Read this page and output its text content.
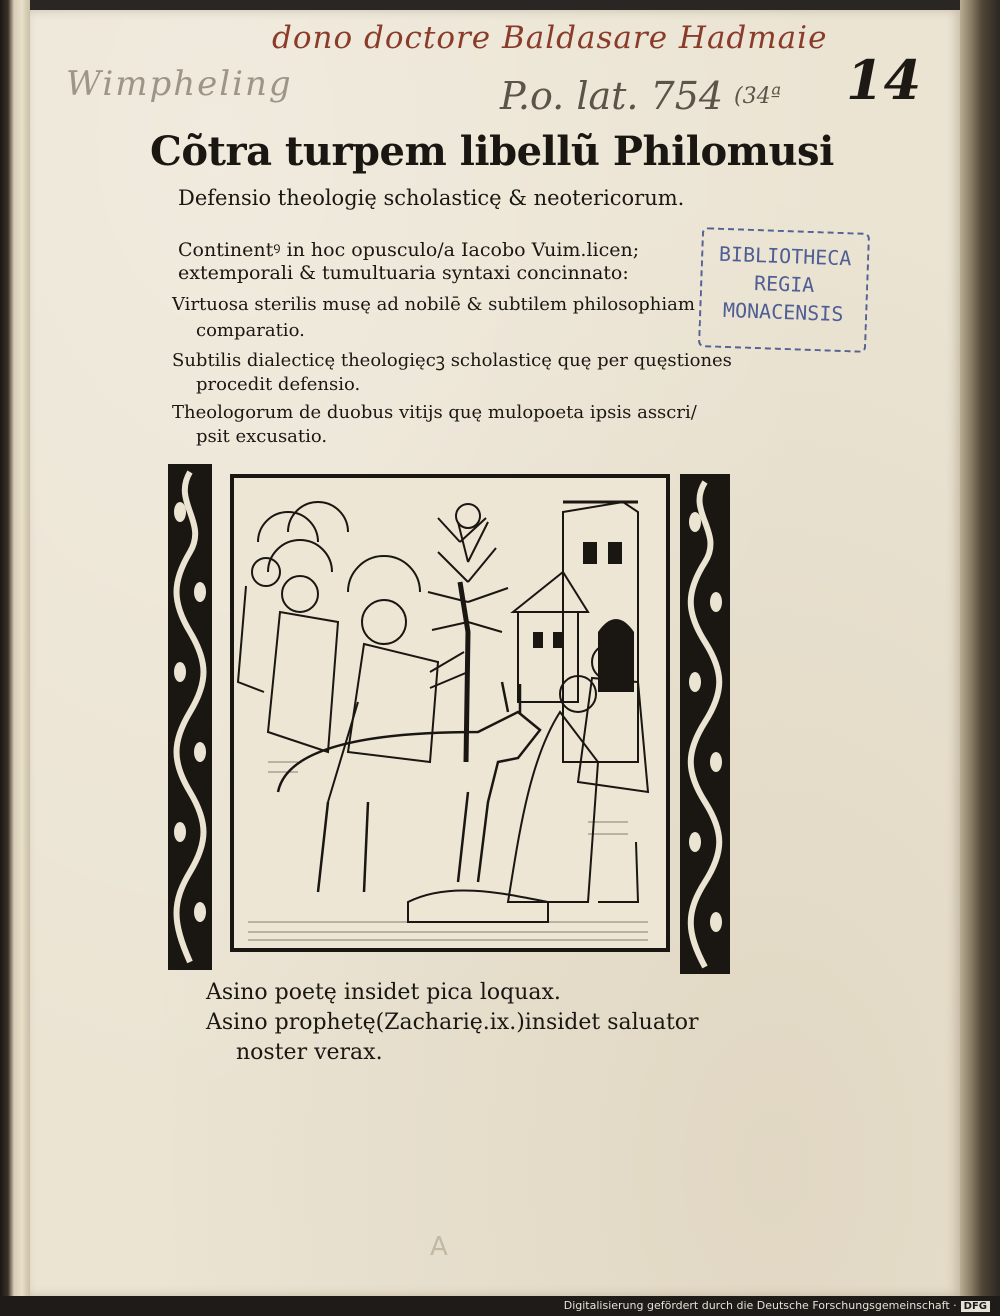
dono doctore Baldasare Hadmaie
Wimpheling	P.o. lat. 754 (34ª 14
Cõtra turpem libellũ Philomusi
Defensio theologię scholasticę & neotericorum.
Continentꝰ in hoc opusculo/a Iacobo Vuim.licen;
extemporali & tumultuaria syntaxi concinnato:
Virtuosa sterilis musę ad nobilē & subtilem philosophiam
comparatio.
Subtilis dialecticę theologięcꝫ scholasticę quę per quęstiones
procedit defensio.
Theologorum de duobus vitijs quę mulopoeta ipsis asscri/
psit excusatio.
BIBLIOTHECA
REGIA
MONACENSIS
Asino poetę insidet pica loquax.
Asino prophetę(Zacharię.ix.)insidet saluator
noster verax.
A
Digitalisierung gefördert durch die Deutsche Forschungsgemeinschaft · DFG
